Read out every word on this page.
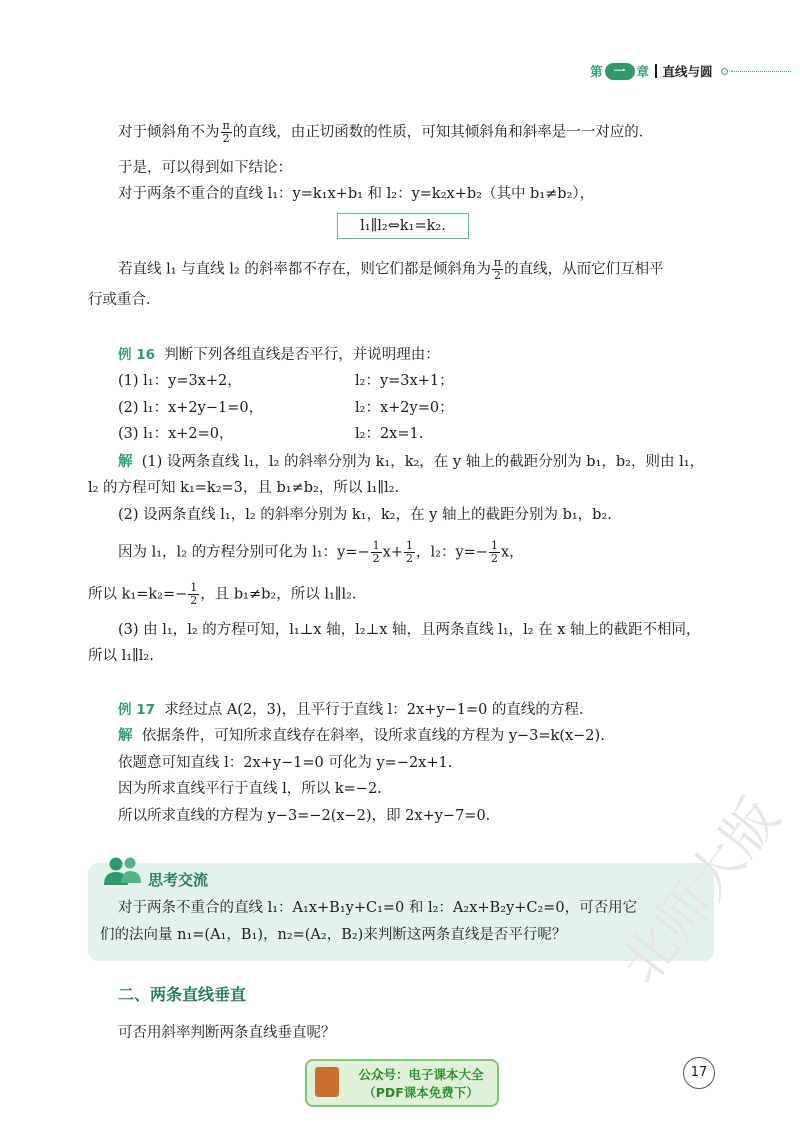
第 一 章 直线与圆
对于倾斜角不为 $\frac{\pi}{2}$ 的直线，由正切函数的性质，可知其倾斜角和斜率是一一对应的.
于是，可以得到如下结论：
对于两条不重合的直线 l₁：y=k₁x+b₁ 和 l₂：y=k₂x+b₂（其中 b₁≠b₂），
l₁∥l₂⇔k₁=k₂.
若直线 l₁ 与直线 l₂ 的斜率都不存在，则它们都是倾斜角为 $\frac{\pi}{2}$ 的直线，从而它们互相平
行或重合.
例 16 判断下列各组直线是否平行，并说明理由：
(1) l₁：y=3x+2，	l₂：y=3x+1；
(2) l₁：x+2y−1=0，	l₂：x+2y=0；
(3) l₁：x+2=0，	l₂：2x=1.
解 (1) 设两条直线 l₁，l₂ 的斜率分别为 k₁，k₂，在 y 轴上的截距分别为 b₁，b₂，则由 l₁，
l₂ 的方程可知 k₁=k₂=3，且 b₁≠b₂，所以 l₁∥l₂.
(2) 设两条直线 l₁，l₂ 的斜率分别为 k₁，k₂，在 y 轴上的截距分别为 b₁，b₂.
因为 l₁，l₂ 的方程分别可化为 l₁：$y=- \frac{1}{2} x+ \frac{1}{2}$ ，l₂：$y=- \frac{1}{2}$ x，
所以 $k_1=k_2=- \frac{1}{2}$ ，且 b₁≠b₂，所以 l₁∥l₂.
(3) 由 l₁，l₂ 的方程可知，l₁⊥x 轴，l₂⊥x 轴，且两条直线 l₁，l₂ 在 x 轴上的截距不相同，
所以 l₁∥l₂.
例 17 求经过点 A(2，3)，且平行于直线 l：2x+y−1=0 的直线的方程.
解 依据条件，可知所求直线存在斜率，设所求直线的方程为 y−3=k(x−2).
依题意可知直线 l：2x+y−1=0 可化为 y=−2x+1.
因为所求直线平行于直线 l，所以 k=−2.
所以所求直线的方程为 y−3=−2(x−2)，即 2x+y−7=0.
思考交流
对于两条不重合的直线 l₁：A₁x+B₁y+C₁=0 和 l₂：A₂x+B₂y+C₂=0，可否用它
们的法向量 n₁=(A₁，B₁)，n₂=(A₂，B₂)来判断这两条直线是否平行呢？
二、两条直线垂直
可否用斜率判断两条直线垂直呢？
北师大版
公众号：电子课本大全
（PDF课本免费下）
17
